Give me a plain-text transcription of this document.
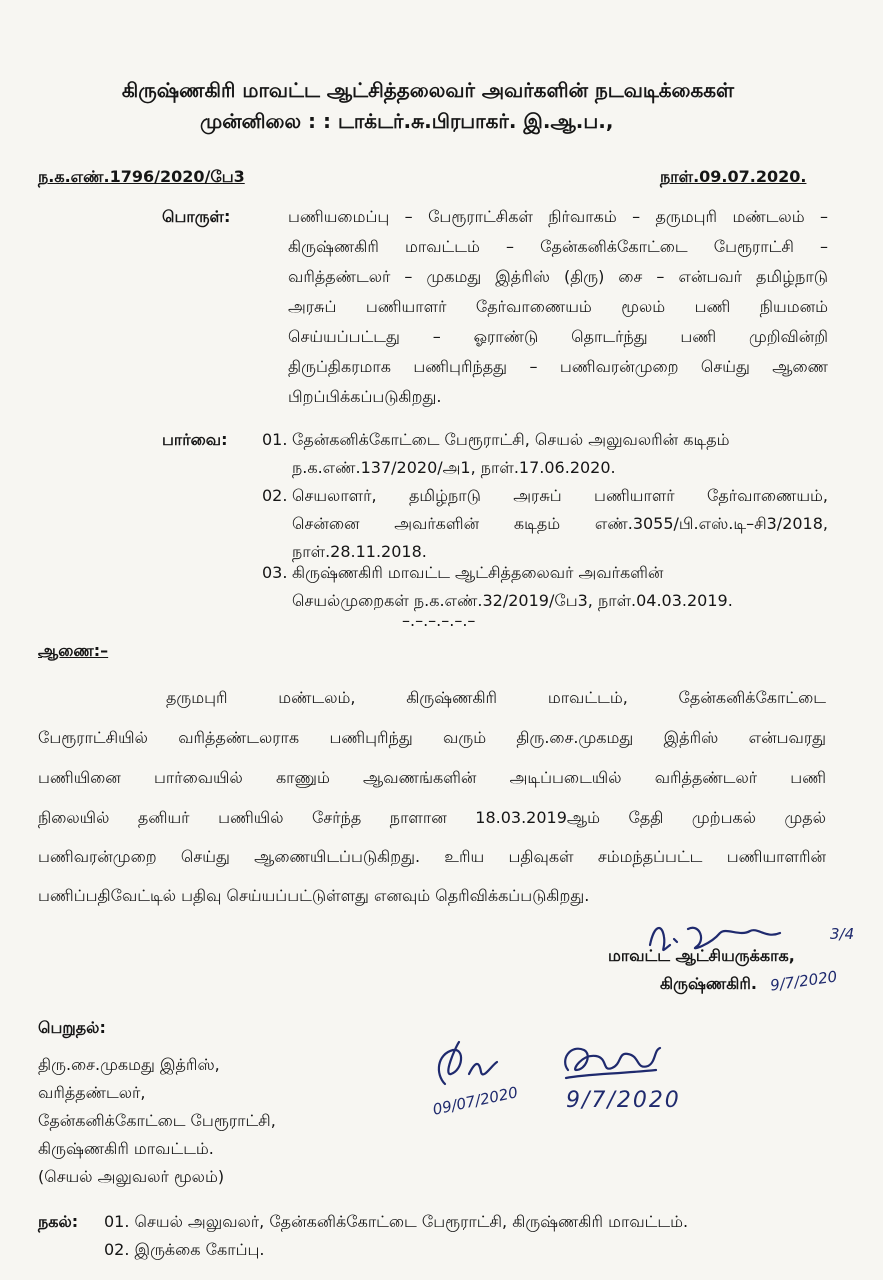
கிருஷ்ணகிரி மாவட்ட ஆட்சித்தலைவர் அவர்களின் நடவடிக்கைகள்
முன்னிலை : : டாக்டர்.சு.பிரபாகர். இ.ஆ.ப.,
ந.க.எண்.1796/2020/பே3	நாள்.09.07.2020.
பொருள்:	பணியமைப்பு – பேரூராட்சிகள் நிர்வாகம் – தருமபுரி மண்டலம் –
கிருஷ்ணகிரி மாவட்டம் – தேன்கனிக்கோட்டை பேரூராட்சி –
வரித்தண்டலர் – முகமது இத்ரிஸ் (திரு) சை – என்பவர் தமிழ்நாடு
அரசுப் பணியாளர் தேர்வாணையம் மூலம் பணி நியமனம்
செய்யப்பட்டது – ஓராண்டு தொடர்ந்து பணி முறிவின்றி
திருப்திகரமாக பணிபுரிந்தது – பணிவரன்முறை செய்து ஆணை
பிறப்பிக்கப்படுகிறது.
பார்வை: 01. தேன்கனிக்கோட்டை பேரூராட்சி, செயல் அலுவலரின் கடிதம்
ந.க.எண்.137/2020/அ1, நாள்.17.06.2020.
02. செயலாளர், தமிழ்நாடு அரசுப் பணியாளர் தேர்வாணையம்,
சென்னை அவர்களின் கடிதம் எண்.3055/பி.எஸ்.டி–சி3/2018,
நாள்.28.11.2018.
03. கிருஷ்ணகிரி மாவட்ட ஆட்சித்தலைவர் அவர்களின்
செயல்முறைகள் ந.க.எண்.32/2019/பே3, நாள்.04.03.2019.
–.–.–.–.–.–
ஆணை:–
தருமபுரி மண்டலம், கிருஷ்ணகிரி மாவட்டம், தேன்கனிக்கோட்டை
பேரூராட்சியில் வரித்தண்டலராக பணிபுரிந்து வரும் திரு.சை.முகமது இத்ரிஸ் என்பவரது
பணியினை பார்வையில் காணும் ஆவணங்களின் அடிப்படையில் வரித்தண்டலர் பணி
நிலையில் தனியர் பணியில் சேர்ந்த நாளான 18.03.2019ஆம் தேதி முற்பகல் முதல்
பணிவரன்முறை செய்து ஆணையிடப்படுகிறது. உரிய பதிவுகள் சம்மந்தப்பட்ட பணியாளரின்
பணிப்பதிவேட்டில் பதிவு செய்யப்பட்டுள்ளது எனவும் தெரிவிக்கப்படுகிறது.
மாவட்ட ஆட்சியருக்காக,
கிருஷ்ணகிரி. 9/7/2020
3/4
பெறுதல்:
திரு.சை.முகமது இத்ரிஸ்,
வரித்தண்டலர்,
தேன்கனிக்கோட்டை பேரூராட்சி,
கிருஷ்ணகிரி மாவட்டம்.
(செயல் அலுவலர் மூலம்)
09/07/2020 9/7/2020
நகல்: 01. செயல் அலுவலர், தேன்கனிக்கோட்டை பேரூராட்சி, கிருஷ்ணகிரி மாவட்டம்.
02. இருக்கை கோப்பு.
